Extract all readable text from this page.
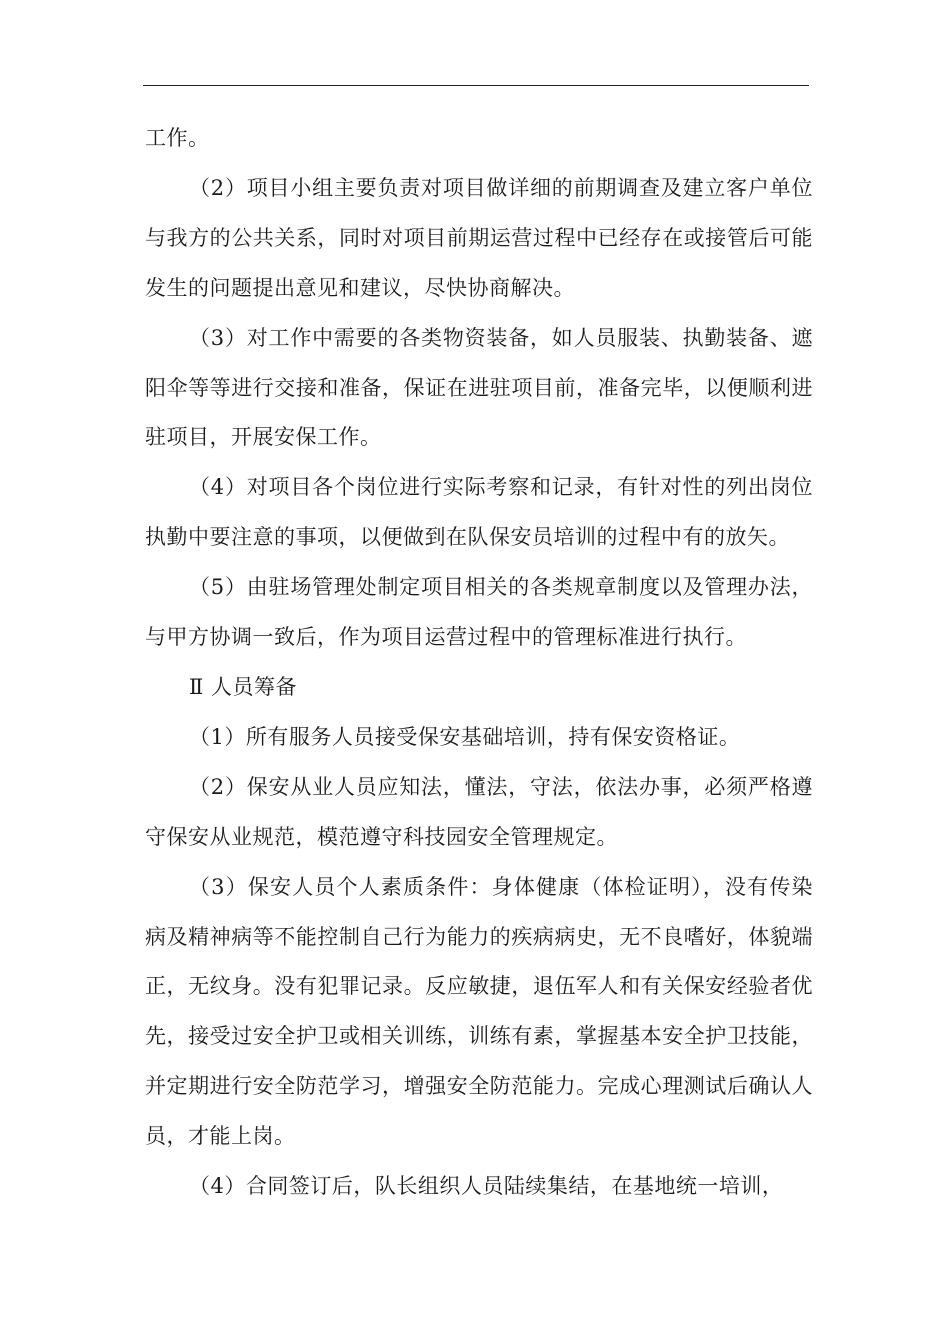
工作。

（2）项目小组主要负责对项目做详细的前期调查及建立客户单位与我方的公共关系，同时对项目前期运营过程中已经存在或接管后可能发生的问题提出意见和建议，尽快协商解决。

（3）对工作中需要的各类物资装备，如人员服装、执勤装备、遮阳伞等等进行交接和准备，保证在进驻项目前，准备完毕，以便顺利进驻项目，开展安保工作。

（4）对项目各个岗位进行实际考察和记录，有针对性的列出岗位执勤中要注意的事项，以便做到在队保安员培训的过程中有的放矢。

（5）由驻场管理处制定项目相关的各类规章制度以及管理办法，与甲方协调一致后，作为项目运营过程中的管理标准进行执行。

Ⅱ 人员筹备

（1）所有服务人员接受保安基础培训，持有保安资格证。

（2）保安从业人员应知法，懂法，守法，依法办事，必须严格遵守保安从业规范，模范遵守科技园安全管理规定。

（3）保安人员个人素质条件：身体健康（体检证明），没有传染病及精神病等不能控制自己行为能力的疾病病史，无不良嗜好，体貌端正，无纹身。没有犯罪记录。反应敏捷，退伍军人和有关保安经验者优先，接受过安全护卫或相关训练，训练有素，掌握基本安全护卫技能，并定期进行安全防范学习，增强安全防范能力。完成心理测试后确认人员，才能上岗。

（4）合同签订后，队长组织人员陆续集结，在基地统一培训，
